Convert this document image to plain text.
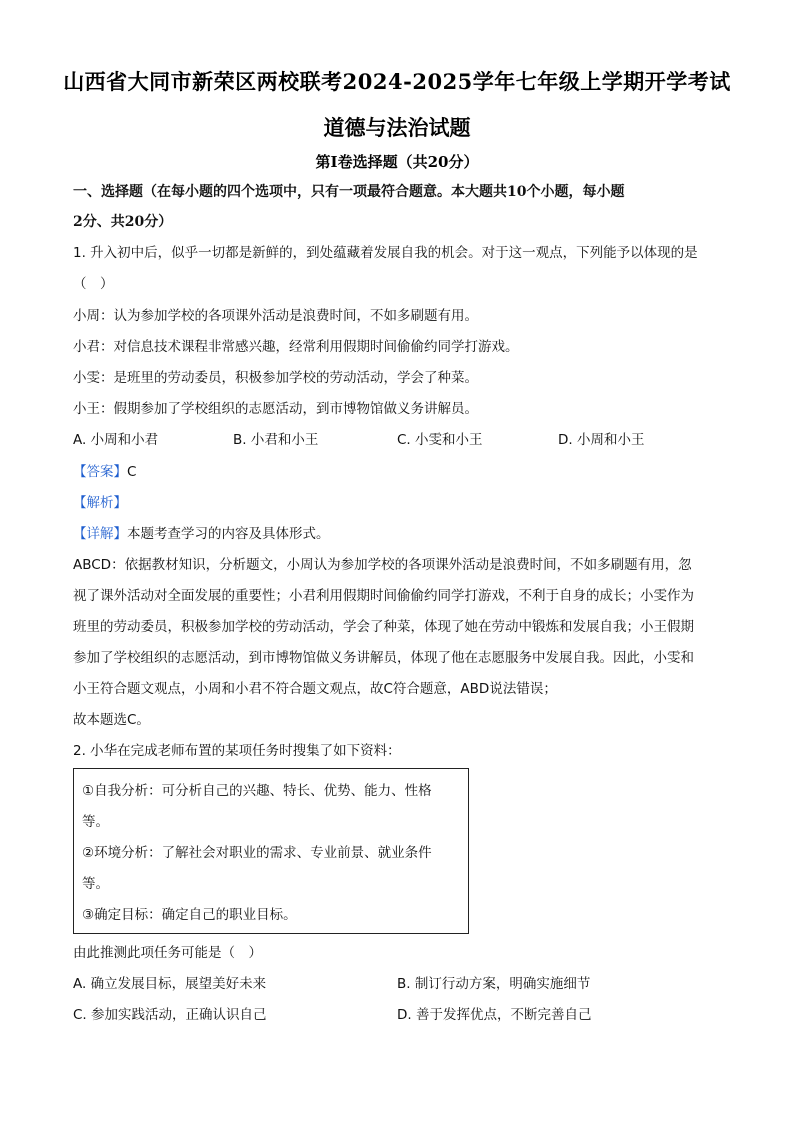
山西省大同市新荣区两校联考2024-2025学年七年级上学期开学考试
道德与法治试题
第Ⅰ卷选择题（共20分）
一、选择题（在每小题的四个选项中，只有一项最符合题意。本大题共10个小题，每小题
2分、共20分）
1. 升入初中后，似乎一切都是新鲜的，到处蕴藏着发展自我的机会。对于这一观点，下列能予以体现的是
（　）
小周：认为参加学校的各项课外活动是浪费时间，不如多刷题有用。
小君：对信息技术课程非常感兴趣，经常利用假期时间偷偷约同学打游戏。
小雯：是班里的劳动委员，积极参加学校的劳动活动，学会了种菜。
小王：假期参加了学校组织的志愿活动，到市博物馆做义务讲解员。
A. 小周和小君	B. 小君和小王	C. 小雯和小王	D. 小周和小王
【答案】C
【解析】
【详解】本题考查学习的内容及具体形式。
ABCD：依据教材知识，分析题文，小周认为参加学校的各项课外活动是浪费时间，不如多刷题有用，忽
视了课外活动对全面发展的重要性；小君利用假期时间偷偷约同学打游戏，不利于自身的成长；小雯作为
班里的劳动委员，积极参加学校的劳动活动，学会了种菜，体现了她在劳动中锻炼和发展自我；小王假期
参加了学校组织的志愿活动，到市博物馆做义务讲解员，体现了他在志愿服务中发展自我。因此，小雯和
小王符合题文观点，小周和小君不符合题文观点，故C符合题意，ABD说法错误；
故本题选C。
2. 小华在完成老师布置的某项任务时搜集了如下资料：
①自我分析：可分析自己的兴趣、特长、优势、能力、性格
等。
②环境分析：了解社会对职业的需求、专业前景、就业条件
等。
③确定目标：确定自己的职业目标。
由此推测此项任务可能是（　）
A. 确立发展目标，展望美好未来	B. 制订行动方案，明确实施细节
C. 参加实践活动，正确认识自己	D. 善于发挥优点，不断完善自己
